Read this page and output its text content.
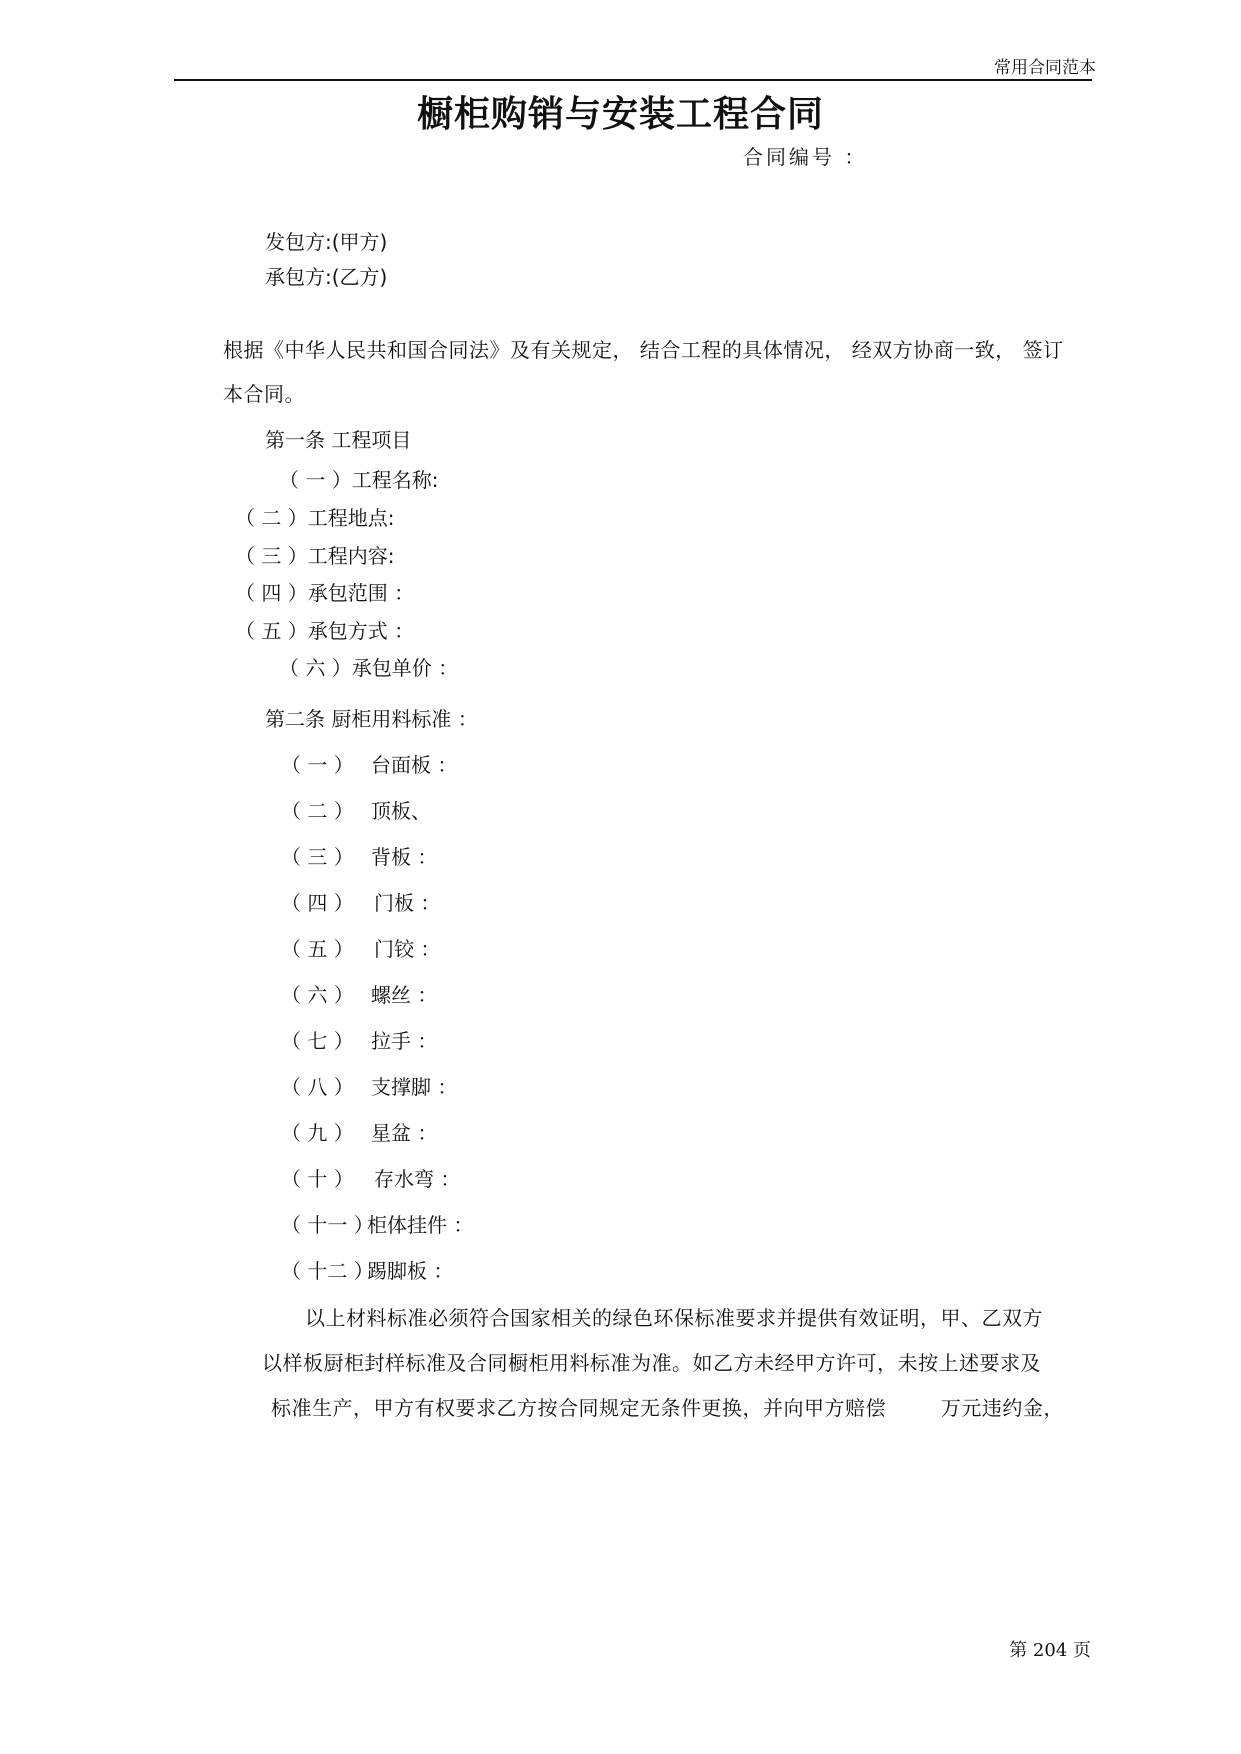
常用合同范本
橱柜购销与安装工程合同
合同编号 ：
发包方:(甲方)
承包方:(乙方)
根据《中华人民共和国合同法》及有关规定， 结合工程的具体情况， 经双方协商一致， 签订
本合同。
第一条 工程项目
（ 一 ）工程名称:
（ 二 ）工程地点:
（ 三 ）工程内容:
（ 四 ）承包范围 ：
（ 五 ）承包方式 ：
（ 六 ）承包单价 ：
第二条 厨柜用料标准 ：
（ 一 ） 台面板 ：
（ 二 ） 顶板、
（ 三 ） 背板 ：
（ 四 ） 门板 ：
（ 五 ） 门铰 ：
（ 六 ） 螺丝 ：
（ 七 ） 拉手 ：
（ 八 ） 支撑脚 ：
（ 九 ） 星盆 ：
（ 十 ） 存水弯 ：
（ 十一 ）柜体挂件 ：
（ 十二 ）踢脚板 ：
以上材料标准必须符合国家相关的绿色环保标准要求并提供有效证明，甲、乙双方
以样板厨柜封样标准及合同橱柜用料标准为准。如乙方未经甲方许可，未按上述要求及
标准生产，甲方有权要求乙方按合同规定无条件更换，并向甲方赔偿        万元违约金，
第 204 页
